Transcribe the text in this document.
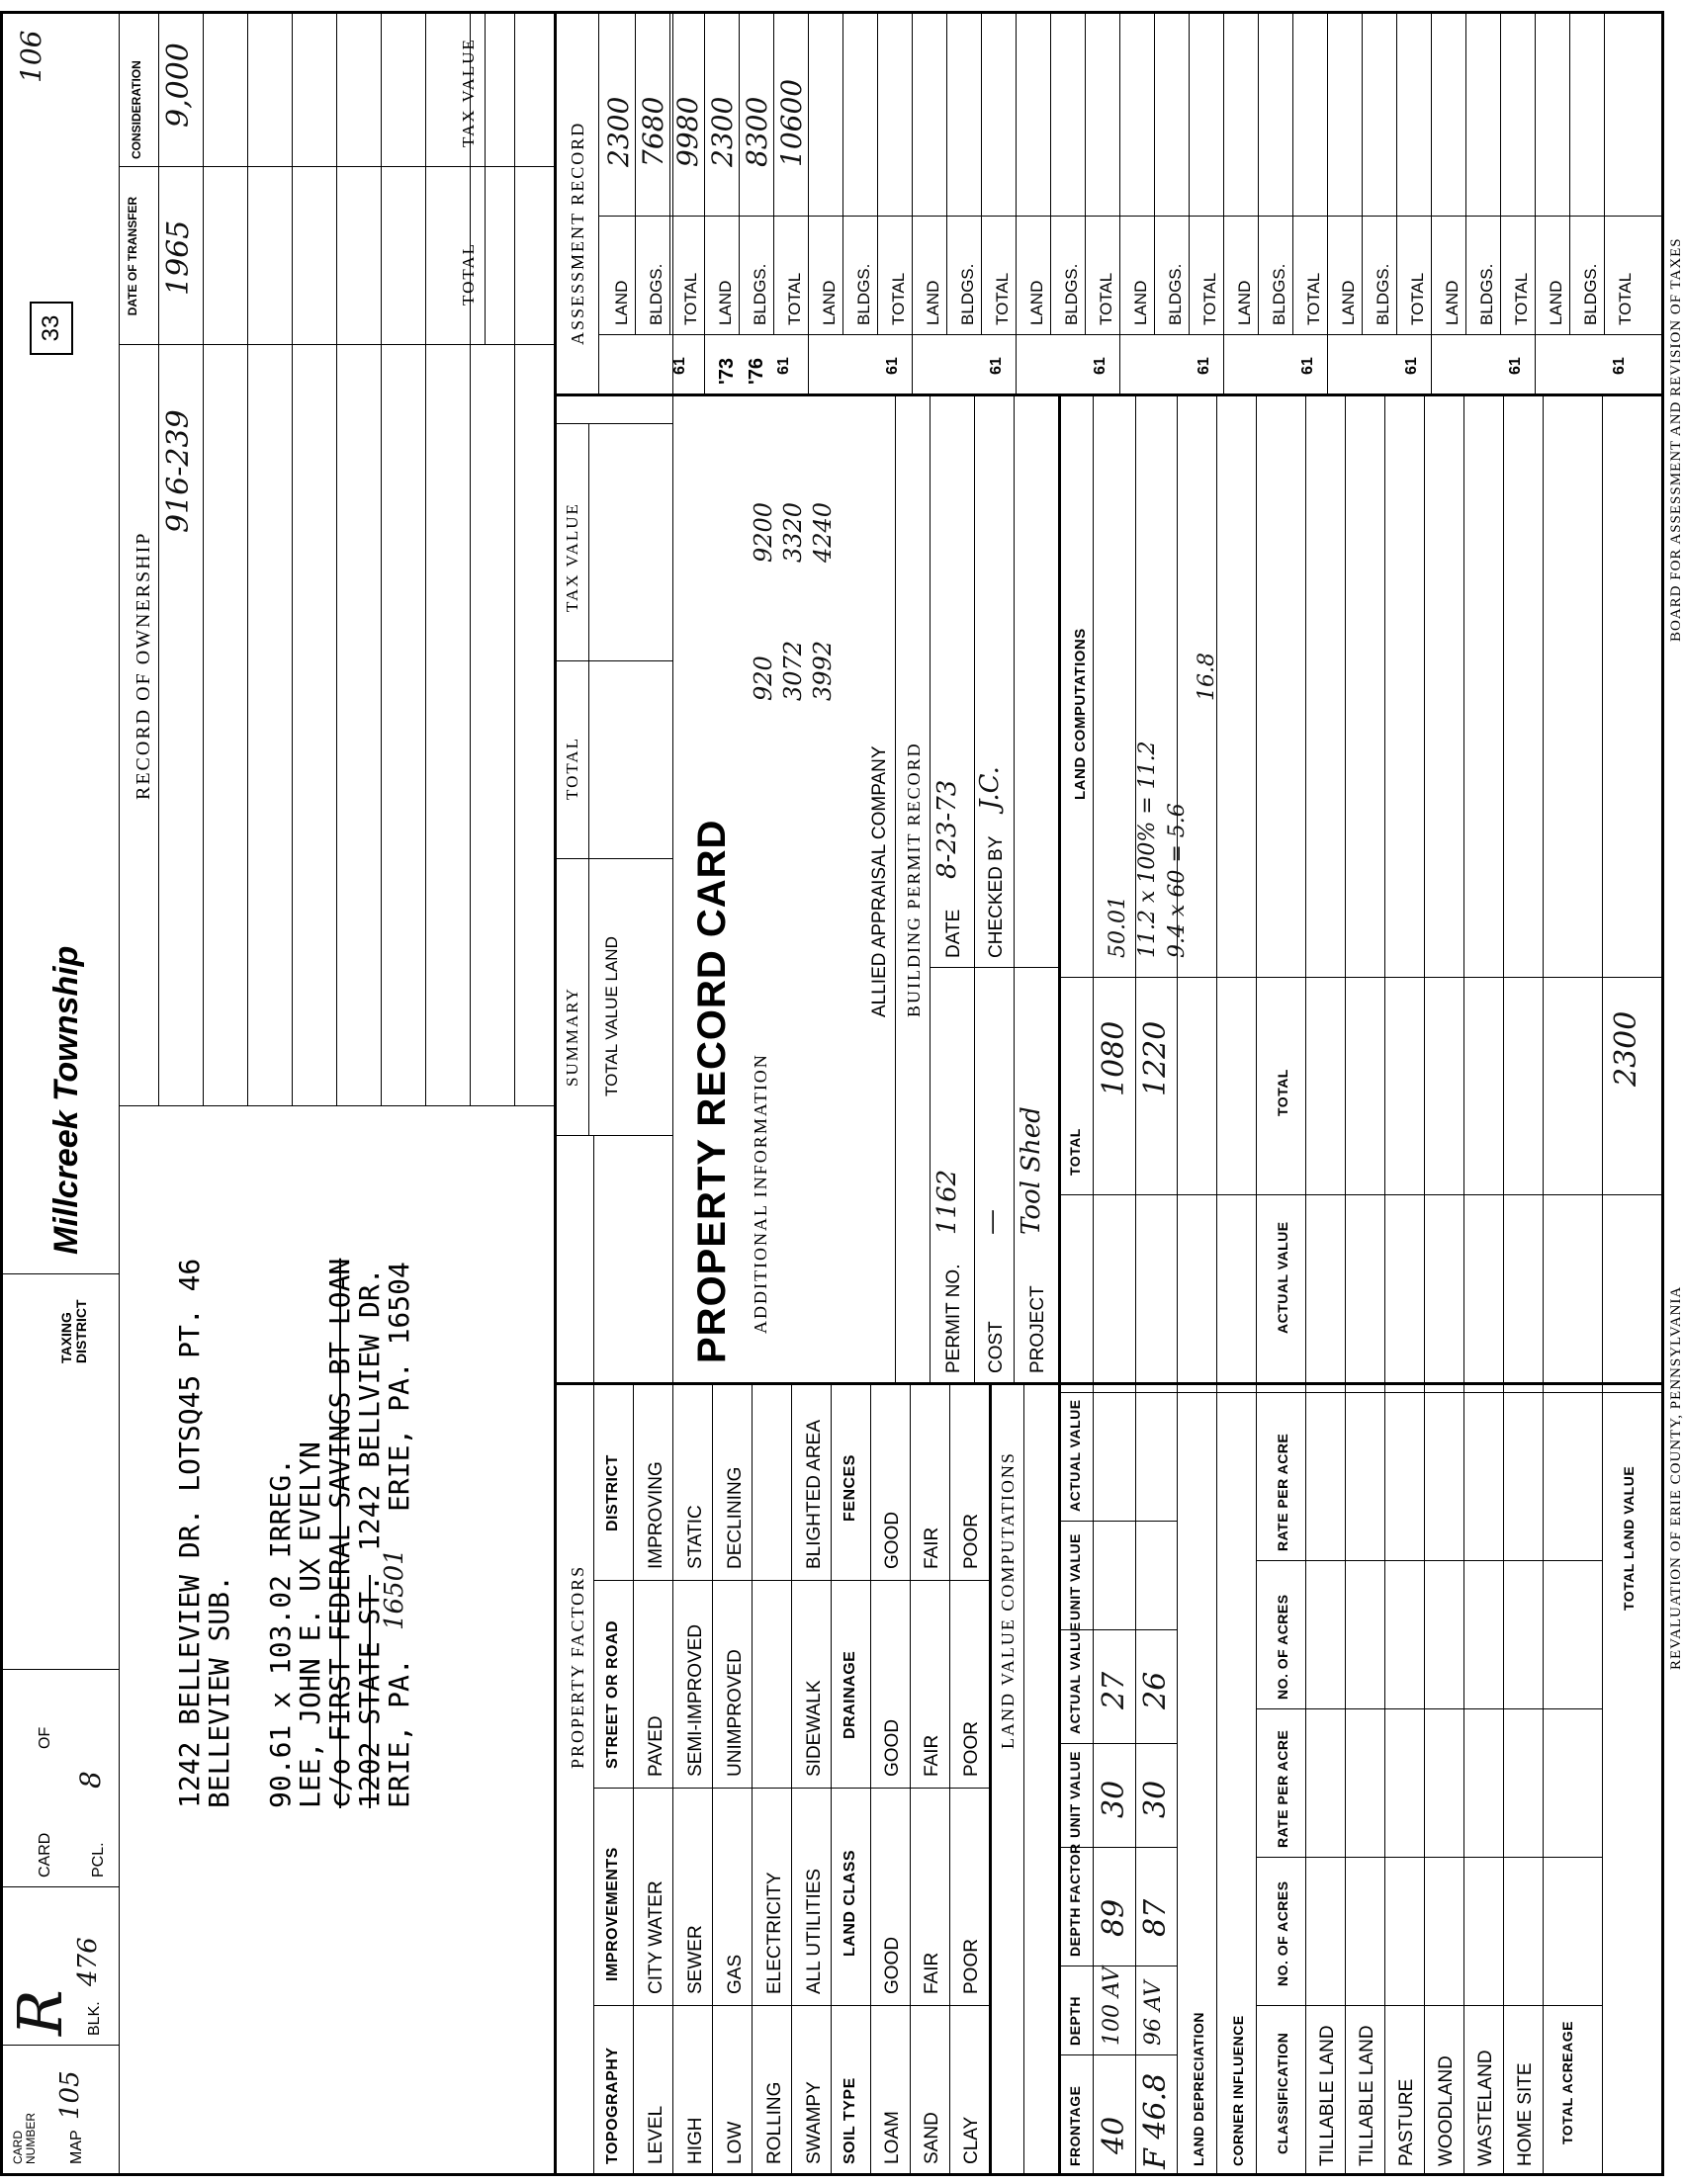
CARD NUMBER MAP
105
R BLK.
476
CARD
OF
PCL.
8
TAXING DISTRICT
Millcreek Township
33
106
RECORD OF OWNERSHIP
DATE OF TRANSFER
CONSIDERATION
916-239
1965
9,000
1242 BELLEVIEW DR. LOTSQ45 PT. 46
BELLEVIEW SUB. 90.61 x 103.02 IRREG.
LEE, JOHN E. UX EVELYN
c/o FIRST FEDERAL SAVINGS BT LOAN
1202 STATE ST.
1242 BELLVIEW DR.
ERIE, PA.
16501
ERIE, PA. 16504
SUMMARY
TOTAL
TAX VALUE
PROPERTY FACTORS
TOPOGRAPHY
IMPROVEMENTS
STREET OR ROAD
DISTRICT
LEVEL HIGH LOW ROLLING SWAMPY
CITY WATER SEWER GAS ELECTRICITY ALL UTILITIES
PAVED SEMI-IMPROVED UNIMPROVED	SIDEWALK
IMPROVING STATIC DECLINING	BLIGHTED AREA
SOIL TYPE
LAND CLASS
DRAINAGE
FENCES
LOAM SAND CLAY
GOOD FAIR POOR
GOOD FAIR POOR
GOOD FAIR POOR
TOTAL VALUE LAND PROPERTY RECORD CARD ADDITIONAL INFORMATION
920 3072 3992
9200 3320 4240
ALLIED APPRAISAL COMPANY BUILDING PERMIT RECORD
PERMIT NO.
1162
DATE
8-23-73
COST
—
CHECKED BY
J.C.
PROJECT
Tool Shed
LAND VALUE COMPUTATIONS
FRONTAGE
DEPTH
DEPTH FACTOR
UNIT VALUE
ACTUAL VALUE
UNIT VALUE
ACTUAL VALUE
TOTAL
40
100 AV
89
30
27
1080
F 46.8
96 AV
87
30
26
1220
LAND DEPRECIATION CORNER INFLUENCE CLASSIFICATION
NO. OF ACRES
RATE PER ACRE
NO. OF ACRES
RATE PER ACRE
ACTUAL VALUE
TOTAL
TILLABLE LAND TILLABLE LAND PASTURE WOODLAND WASTELAND HOME SITE TOTAL ACREAGE
TOTAL LAND VALUE
2300
LAND COMPUTATIONS
50.01 11.2 x 100% = 11.2 9.4 x 60 = 5.6
16.8
ASSESSMENT RECORD
61
LAND
2300
BLDGS.
7680
TOTAL
9980
61
'73 '76
LAND
2300
BLDGS.
8300
TOTAL
10600
LAND BLDGS. TOTAL
61
LAND BLDGS. TOTAL
61
LAND BLDGS. TOTAL
61
LAND BLDGS. TOTAL
61
LAND BLDGS. TOTAL
61
LAND BLDGS. TOTAL
61
LAND BLDGS. TOTAL
61
LAND BLDGS. TOTAL
61
TOTAL
TAX VALUE
REVALUATION OF ERIE COUNTY, PENNSYLVANIA
BOARD FOR ASSESSMENT AND REVISION OF TAXES
